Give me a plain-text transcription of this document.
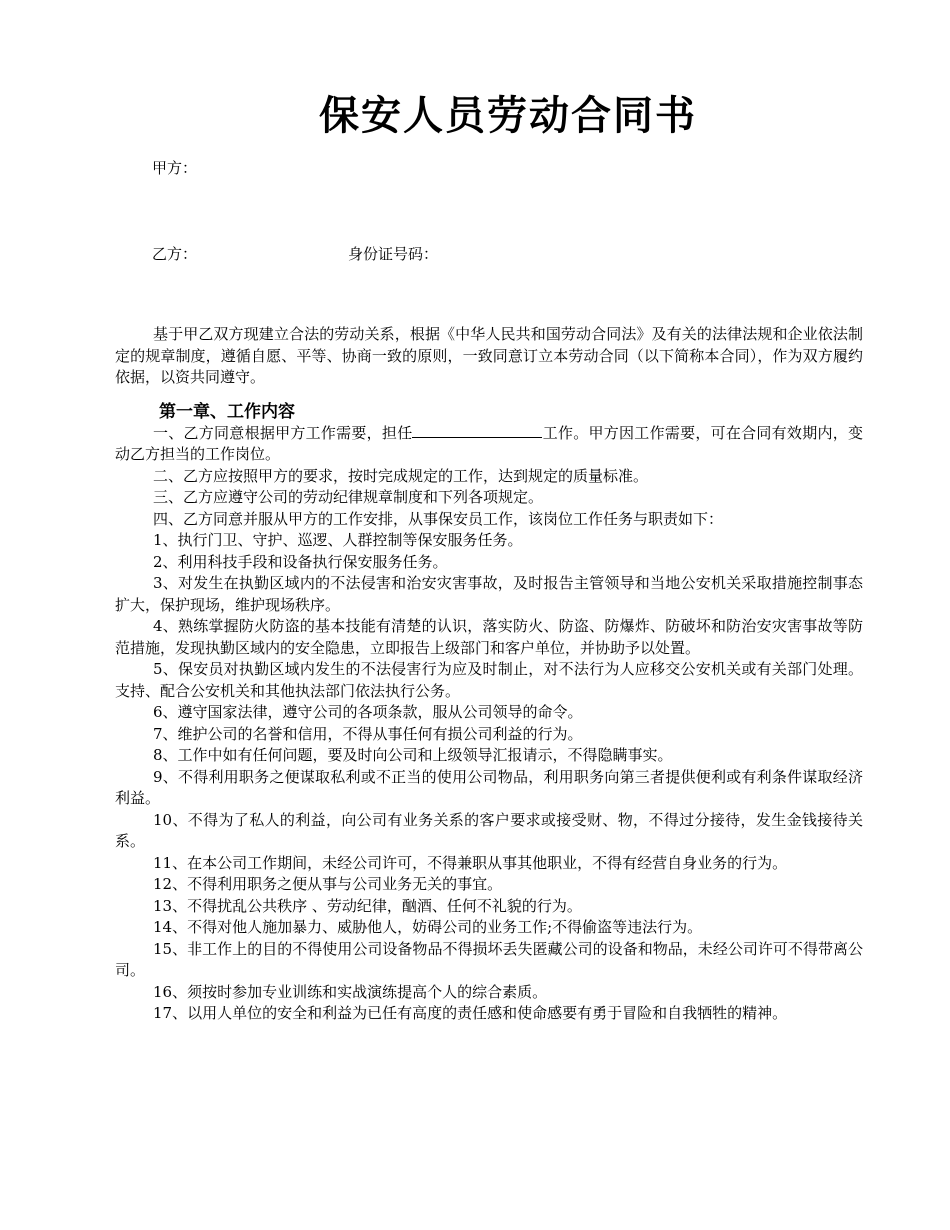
保安人员劳动合同书
甲方：
乙方：	身份证号码：

基于甲乙双方现建立合法的劳动关系，根据《中华人民共和国劳动合同法》及有关的法律法规和企业依法制定的规章制度，遵循自愿、平等、协商一致的原则，一致同意订立本劳动合同（以下简称本合同），作为双方履约依据，以资共同遵守。

第一章、工作内容

一、乙方同意根据甲方工作需要，担任	工作。甲方因工作需要，可在合同有效期内，变动乙方担当的工作岗位。

二、乙方应按照甲方的要求，按时完成规定的工作，达到规定的质量标准。

三、乙方应遵守公司的劳动纪律规章制度和下列各项规定。

四、乙方同意并服从甲方的工作安排，从事保安员工作，该岗位工作任务与职责如下：

1、执行门卫、守护、巡逻、人群控制等保安服务任务。

2、利用科技手段和设备执行保安服务任务。

3、对发生在执勤区域内的不法侵害和治安灾害事故，及时报告主管领导和当地公安机关采取措施控制事态扩大，保护现场，维护现场秩序。

4、熟练掌握防火防盗的基本技能有清楚的认识，落实防火、防盗、防爆炸、防破坏和防治安灾害事故等防范措施，发现执勤区域内的安全隐患，立即报告上级部门和客户单位，并协助予以处置。

5、保安员对执勤区域内发生的不法侵害行为应及时制止，对不法行为人应移交公安机关或有关部门处理。支持、配合公安机关和其他执法部门依法执行公务。

6、遵守国家法律，遵守公司的各项条款，服从公司领导的命令。

7、维护公司的名誉和信用，不得从事任何有损公司利益的行为。

8、工作中如有任何问题，要及时向公司和上级领导汇报请示，不得隐瞒事实。

9、不得利用职务之便谋取私利或不正当的使用公司物品，利用职务向第三者提供便利或有利条件谋取经济利益。

10、不得为了私人的利益，向公司有业务关系的客户要求或接受财、物，不得过分接待，发生金钱接待关系。

11、在本公司工作期间，未经公司许可，不得兼职从事其他职业，不得有经营自身业务的行为。

12、不得利用职务之便从事与公司业务无关的事宜。

13、不得扰乱公共秩序 、劳动纪律，酗酒、任何不礼貌的行为。

14、不得对他人施加暴力、威胁他人，妨碍公司的业务工作;不得偷盗等违法行为。

15、非工作上的目的不得使用公司设备物品不得损坏丢失匿藏公司的设备和物品，未经公司许可不得带离公司。

16、须按时参加专业训练和实战演练提高个人的综合素质。

17、以用人单位的安全和利益为已任有高度的责任感和使命感要有勇于冒险和自我牺牲的精神。
